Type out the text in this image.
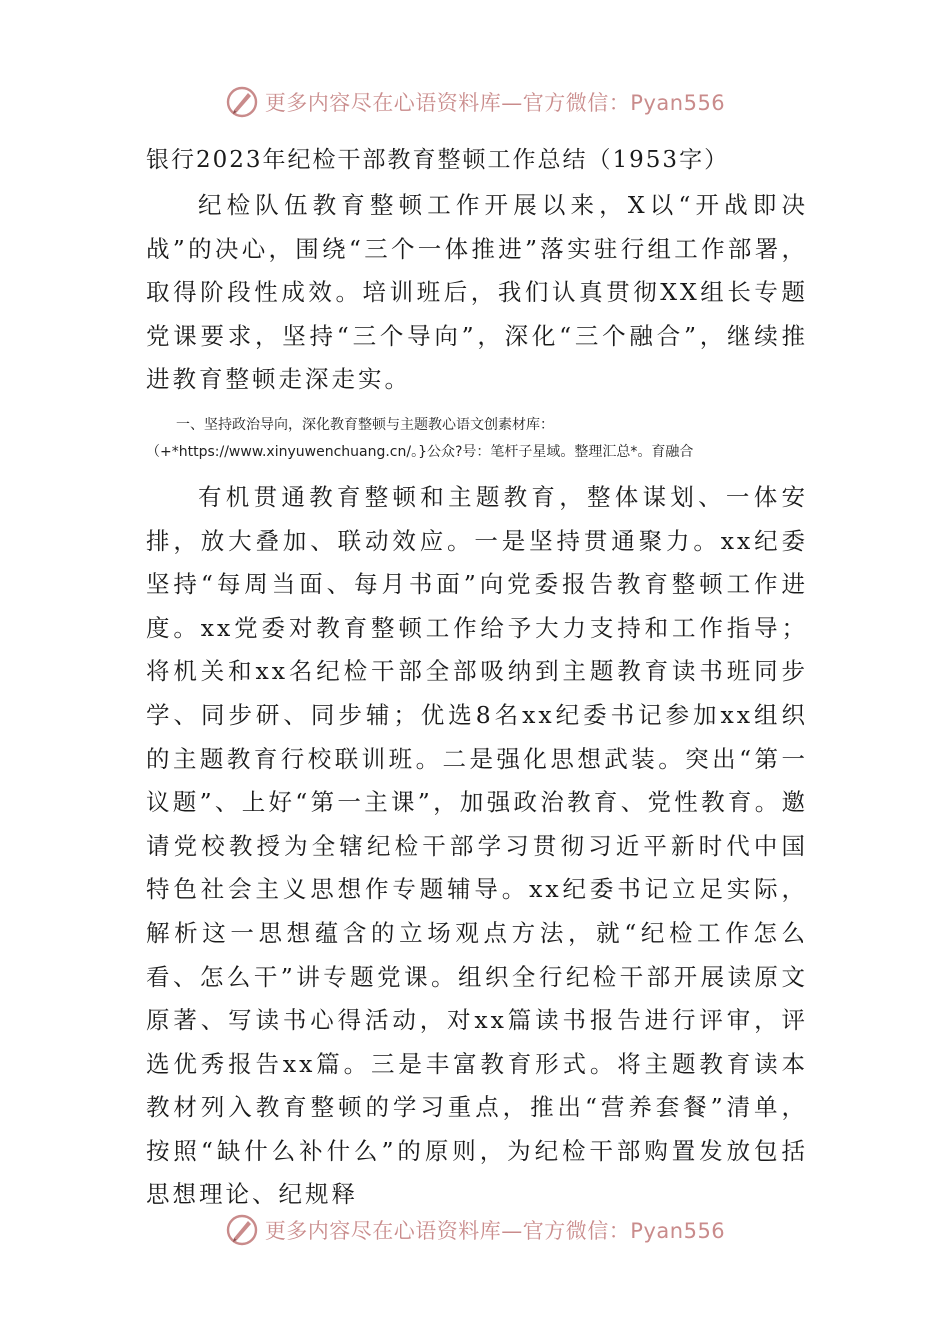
更多内容尽在心语资料库—官方微信：Pyan556

银行2023年纪检干部教育整顿工作总结（1953字）

纪检队伍教育整顿工作开展以来，X以“开战即决战”的决心，围绕“三个一体推进”落实驻行组工作部署，取得阶段性成效。培训班后，我们认真贯彻XX组长专题党课要求，坚持“三个导向”，深化“三个融合”，继续推进教育整顿走深走实。

一、坚持政治导向，深化教育整顿与主题教心语文创素材库：（+*https://www.xinyuwenchuang.cn/。}公众?号：笔杆子星域。整理汇总*。育融合

有机贯通教育整顿和主题教育，整体谋划、一体安排，放大叠加、联动效应。一是坚持贯通聚力。xx纪委坚持“每周当面、每月书面”向党委报告教育整顿工作进度。xx党委对教育整顿工作给予大力支持和工作指导；将机关和xx名纪检干部全部吸纳到主题教育读书班同步学、同步研、同步辅；优选8名xx纪委书记参加xx组织的主题教育行校联训班。二是强化思想武装。突出“第一议题”、上好“第一主课”，加强政治教育、党性教育。邀请党校教授为全辖纪检干部学习贯彻习近平新时代中国特色社会主义思想作专题辅导。xx纪委书记立足实际，解析这一思想蕴含的立场观点方法，就“纪检工作怎么看、怎么干”讲专题党课。组织全行纪检干部开展读原文原著、写读书心得活动，对xx篇读书报告进行评审，评选优秀报告xx篇。三是丰富教育形式。将主题教育读本教材列入教育整顿的学习重点，推出“营养套餐”清单，按照“缺什么补什么”的原则，为纪检干部购置发放包括思想理论、纪规释

更多内容尽在心语资料库—官方微信：Pyan556
